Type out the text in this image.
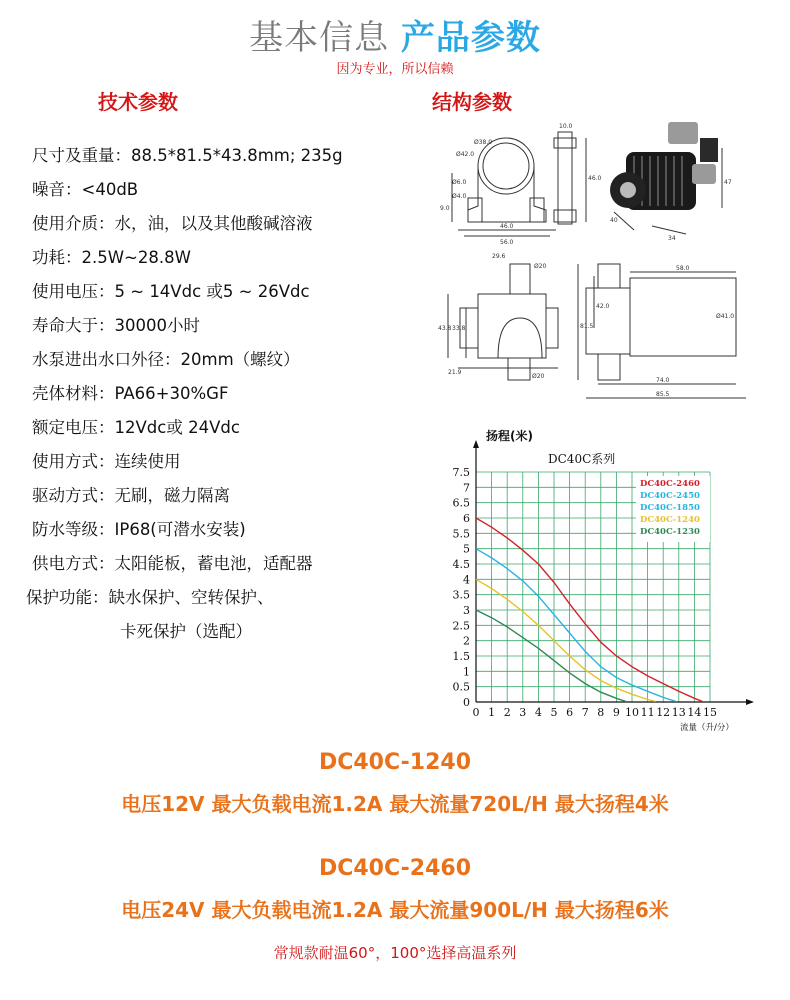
基本信息 产品参数
因为专业，所以信赖
技术参数	结构参数
尺寸及重量：88.5*81.5*43.8mm; 235g
噪音：<40dB
使用介质：水，油，以及其他酸碱溶液
功耗：2.5W~28.8W
使用电压：5 ~ 14Vdc 或5 ~ 26Vdc
寿命大于：30000小时
水泵进出水口外径：20mm（螺纹）
壳体材料：PA66+30%GF
额定电压：12Vdc或 24Vdc
使用方式：连续使用
驱动方式：无刷，磁力隔离
防水等级：IP68(可潜水安装)
供电方式：太阳能板，蓄电池，适配器
保护功能：缺水保护、空转保护、
卡死保护（选配）
Ø38.0
Ø42.0
Ø6.0
Ø4.0
9.0
46.0
56.0
10.0
46.0
47
40
34
29.6
Ø20
33.8
43.8
21.9
Ø20
58.0
42.0
81.5
Ø41.0
74.0
85.5
0 1 2 3 4 5 6 7 8 9 10 11 12 13 14 15
0
0.5
1
1.5
2
2.5
3
3.5
4
4.5
5
5.5
6
6.5
7
7.5
扬程(米)
DC40C系列
流量（升/分）
DC40C-2460
DC40C-2450
DC40C-1850
DC40C-1240
DC40C-1230
DC40C-1240
电压12V 最大负载电流1.2A 最大流量720L/H 最大扬程4米
DC40C-2460
电压24V 最大负载电流1.2A 最大流量900L/H 最大扬程6米
常规款耐温60°，100°选择高温系列
